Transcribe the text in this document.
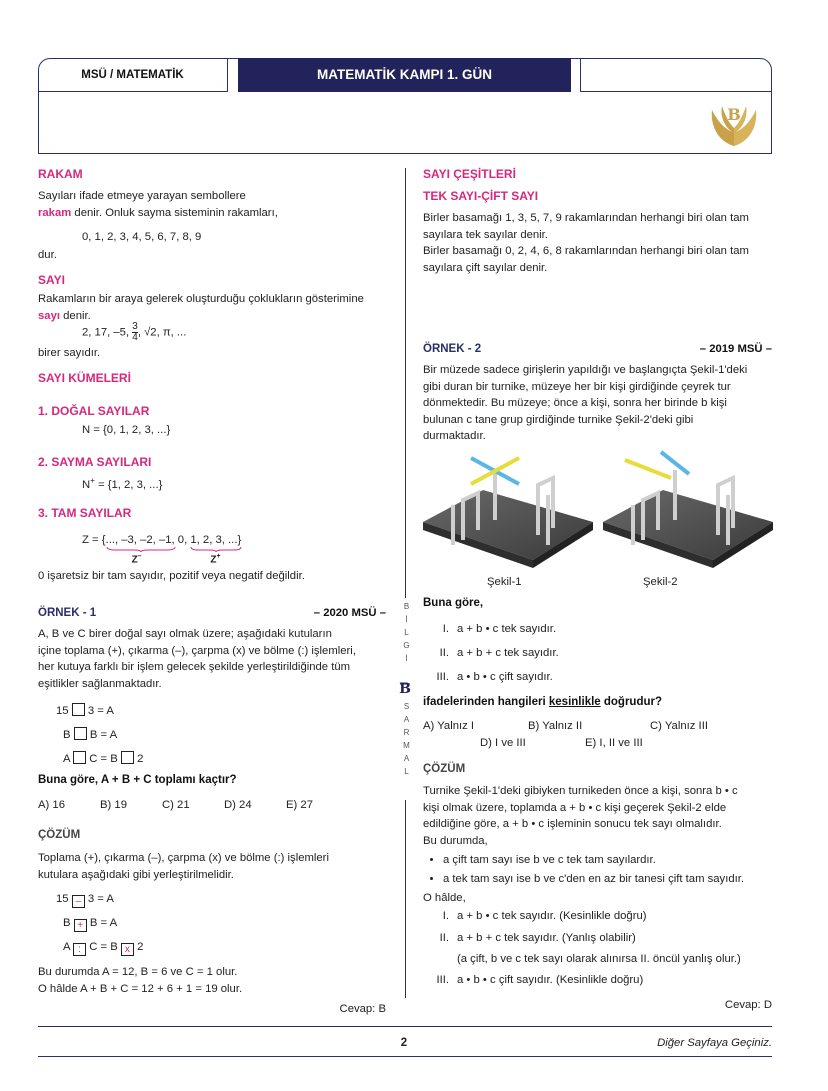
MSÜ / MATEMATİK	MATEMATİK KAMPI 1. GÜN
B
RAKAM
Sayıları ifade etmeye yarayan sembollere
rakam denir. Onluk sayma sisteminin rakamları,
0, 1, 2, 3, 4, 5, 6, 7, 8, 9
dur.
SAYI
Rakamların bir araya gelerek oluşturduğu çoklukların gösterimine
sayı denir.
2, 17, –5, $\frac{3}{4}$ , √2, π, ...
birer sayıdır.
SAYI KÜMELERİ
1. DOĞAL SAYILAR
N = {0, 1, 2, 3, ...}
2. SAYMA SAYILARI
N+ = {1, 2, 3, ...}
3. TAM SAYILAR
Z = {..., –3, –2, –1
Z–
, 0, 1, 2, 3, ...
Z+
}
0 işaretsiz bir tam sayıdır, pozitif veya negatif değildir.
ÖRNEK - 1	– 2020 MSÜ –
A, B ve C birer doğal sayı olmak üzere; aşağıdaki kutuların
içine toplama (+), çıkarma (–), çarpma (x) ve bölme (:) işlemleri,
her kutuya farklı bir işlem gelecek şekilde yerleştirildiğinde tüm
eşitlikler sağlanmaktadır.
15 3 = A
B B = A
A C = B 2
Buna göre, A + B + C toplamı kaçtır?
A) 16	B) 19	C) 21	D) 24	E) 27
ÇÖZÜM
Toplama (+), çıkarma (–), çarpma (x) ve bölme (:) işlemleri
kutulara aşağıdaki gibi yerleştirilmelidir.
15 – 3 = A
B + B = A
A : C = B x 2
Bu durumda A = 12, B = 6 ve C = 1 olur.
O hâlde A + B + C = 12 + 6 + 1 = 19 olur.
Cevap: B
BİLGİ
B
SARMAL
SAYI ÇEŞİTLERİ
TEK SAYI-ÇİFT SAYI
Birler basamağı 1, 3, 5, 7, 9 rakamlarından herhangi biri olan tam
sayılara tek sayılar denir.
Birler basamağı 0, 2, 4, 6, 8 rakamlarından herhangi biri olan tam
sayılara çift sayılar denir.
ÖRNEK - 2	– 2019 MSÜ –
Bir müzede sadece girişlerin yapıldığı ve başlangıçta Şekil-1'deki
gibi duran bir turnike, müzeye her bir kişi girdiğinde çeyrek tur
dönmektedir. Bu müzeye; önce a kişi, sonra her birinde b kişi
bulunan c tane grup girdiğinde turnike Şekil-2'deki gibi
durmaktadır.
Şekil-1	Şekil-2
Buna göre,
I. a + b • c tek sayıdır.
II. a + b + c tek sayıdır.
III. a • b • c çift sayıdır.
ifadelerinden hangileri kesinlikle doğrudur?
A) Yalnız I	B) Yalnız II	C) Yalnız III
D) I ve III	E) I, II ve III
ÇÖZÜM
Turnike Şekil-1'deki gibiyken turnikeden önce a kişi, sonra b • c
kişi olmak üzere, toplamda a + b • c kişi geçerek Şekil-2 elde
edildiğine göre, a + b • c işleminin sonucu tek sayı olmalıdır.
Bu durumda,
• a çift tam sayı ise b ve c tek tam sayılardır.
• a tek tam sayı ise b ve c'den en az bir tanesi çift tam sayıdır.
O hâlde,
I. a + b • c tek sayıdır. (Kesinlikle doğru)
II. a + b + c tek sayıdır. (Yanlış olabilir)
(a çift, b ve c tek sayı olarak alınırsa II. öncül yanlış olur.)
III. a • b • c çift sayıdır. (Kesinlikle doğru)
Cevap: D
2	Diğer Sayfaya Geçiniz.
